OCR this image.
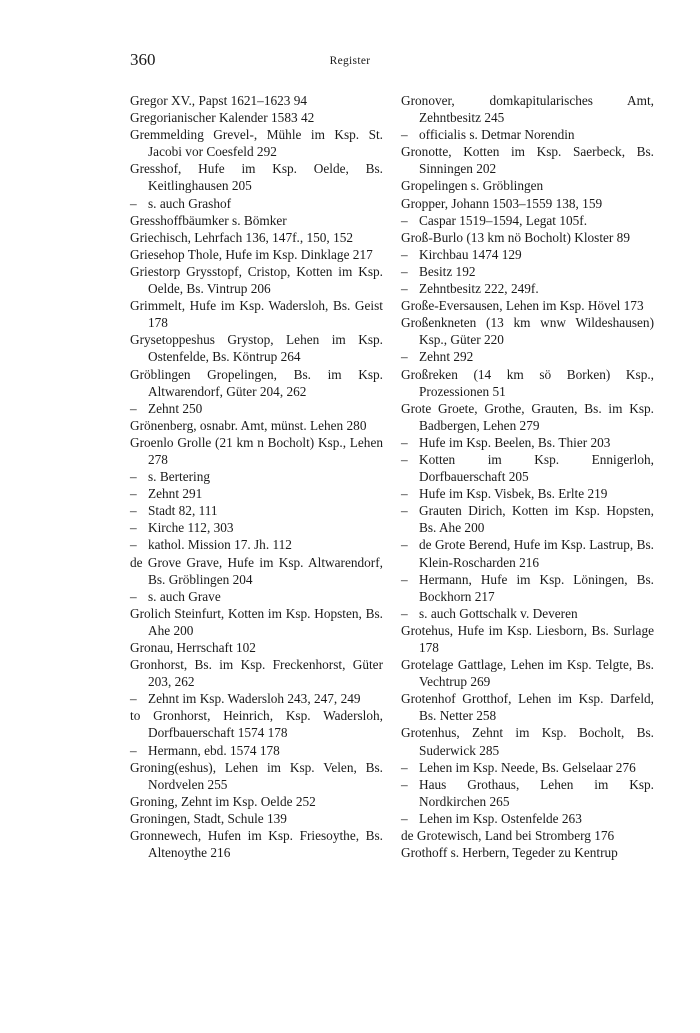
360	Register
Gregor XV., Papst 1621–1623 94
Gregorianischer Kalender 1583 42
Gremmelding Grevel-, Mühle im Ksp. St. Jacobi vor Coesfeld 292
Gresshof, Hufe im Ksp. Oelde, Bs. Keitlinghausen 205
– s. auch Grashof
Gresshoffbäumker s. Bömker
Griechisch, Lehrfach 136, 147f., 150, 152
Griesehop Thole, Hufe im Ksp. Dinklage 217
Griestorp Grysstopf, Cristop, Kotten im Ksp. Oelde, Bs. Vintrup 206
Grimmelt, Hufe im Ksp. Wadersloh, Bs. Geist 178
Grysetoppeshus Grystop, Lehen im Ksp. Ostenfelde, Bs. Köntrup 264
Gröblingen Gropelingen, Bs. im Ksp. Altwarendorf, Güter 204, 262
– Zehnt 250
Grönenberg, osnabr. Amt, münst. Lehen 280
Groenlo Grolle (21 km n Bocholt) Ksp., Lehen 278
– s. Bertering
– Zehnt 291
– Stadt 82, 111
– Kirche 112, 303
– kathol. Mission 17. Jh. 112
de Grove Grave, Hufe im Ksp. Altwarendorf, Bs. Gröblingen 204
– s. auch Grave
Grolich Steinfurt, Kotten im Ksp. Hopsten, Bs. Ahe 200
Gronau, Herrschaft 102
Gronhorst, Bs. im Ksp. Freckenhorst, Güter 203, 262
– Zehnt im Ksp. Wadersloh 243, 247, 249
to Gronhorst, Heinrich, Ksp. Wadersloh, Dorfbauerschaft 1574 178
– Hermann, ebd. 1574 178
Groning(eshus), Lehen im Ksp. Velen, Bs. Nordvelen 255
Groning, Zehnt im Ksp. Oelde 252
Groningen, Stadt, Schule 139
Gronnewech, Hufen im Ksp. Friesoythe, Bs. Altenoythe 216
Gronover, domkapitularisches Amt, Zehntbesitz 245
– officialis s. Detmar Norendin
Gronotte, Kotten im Ksp. Saerbeck, Bs. Sinningen 202
Gropelingen s. Gröblingen
Gropper, Johann 1503–1559 138, 159
– Caspar 1519–1594, Legat 105f.
Groß-Burlo (13 km nö Bocholt) Kloster 89
– Kirchbau 1474 129
– Besitz 192
– Zehntbesitz 222, 249f.
Große-Eversausen, Lehen im Ksp. Hövel 173
Großenkneten (13 km wnw Wildeshausen) Ksp., Güter 220
– Zehnt 292
Großreken (14 km sö Borken) Ksp., Prozessionen 51
Grote Groete, Grothe, Grauten, Bs. im Ksp. Badbergen, Lehen 279
– Hufe im Ksp. Beelen, Bs. Thier 203
– Kotten im Ksp. Ennigerloh, Dorfbauerschaft 205
– Hufe im Ksp. Visbek, Bs. Erlte 219
– Grauten Dirich, Kotten im Ksp. Hopsten, Bs. Ahe 200
– de Grote Berend, Hufe im Ksp. Lastrup, Bs. Klein-Roscharden 216
– Hermann, Hufe im Ksp. Löningen, Bs. Bockhorn 217
– s. auch Gottschalk v. Deveren
Grotehus, Hufe im Ksp. Liesborn, Bs. Surlage 178
Grotelage Gattlage, Lehen im Ksp. Telgte, Bs. Vechtrup 269
Grotenhof Grotthof, Lehen im Ksp. Darfeld, Bs. Netter 258
Grotenhus, Zehnt im Ksp. Bocholt, Bs. Suderwick 285
– Lehen im Ksp. Neede, Bs. Gelselaar 276
– Haus Grothaus, Lehen im Ksp. Nordkirchen 265
– Lehen im Ksp. Ostenfelde 263
de Grotewisch, Land bei Stromberg 176
Grothoff s. Herbern, Tegeder zu Kentrup
